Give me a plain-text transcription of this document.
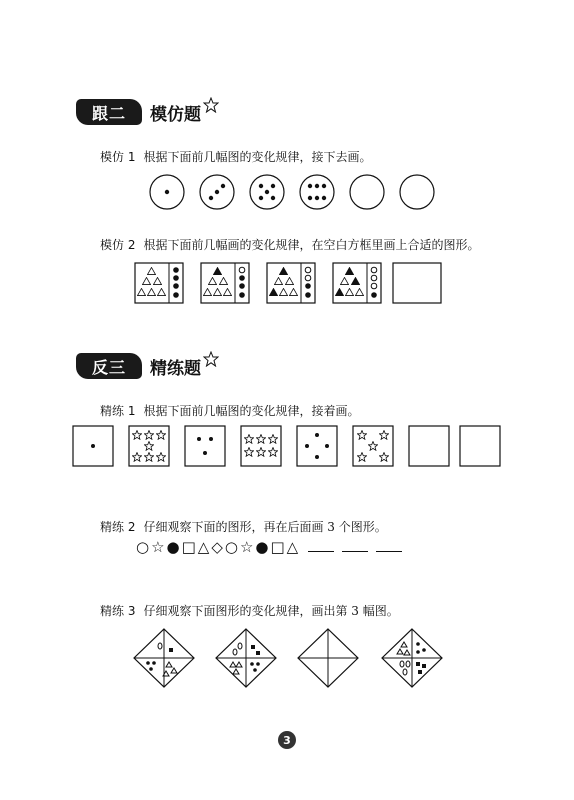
跟二	模仿题
模仿 1 根据下面前几幅图的变化规律，接下去画。
模仿 2 根据下面前几幅画的变化规律，在空白方框里画上合适的图形。
反三	精练题
精练 1 根据下面前几幅图的变化规律，接着画。
精练 2 仔细观察下面的图形，再在后面画 3 个图形。
○☆●□△◇○☆●□△
精练 3 仔细观察下面图形的变化规律，画出第 3 幅图。
3
